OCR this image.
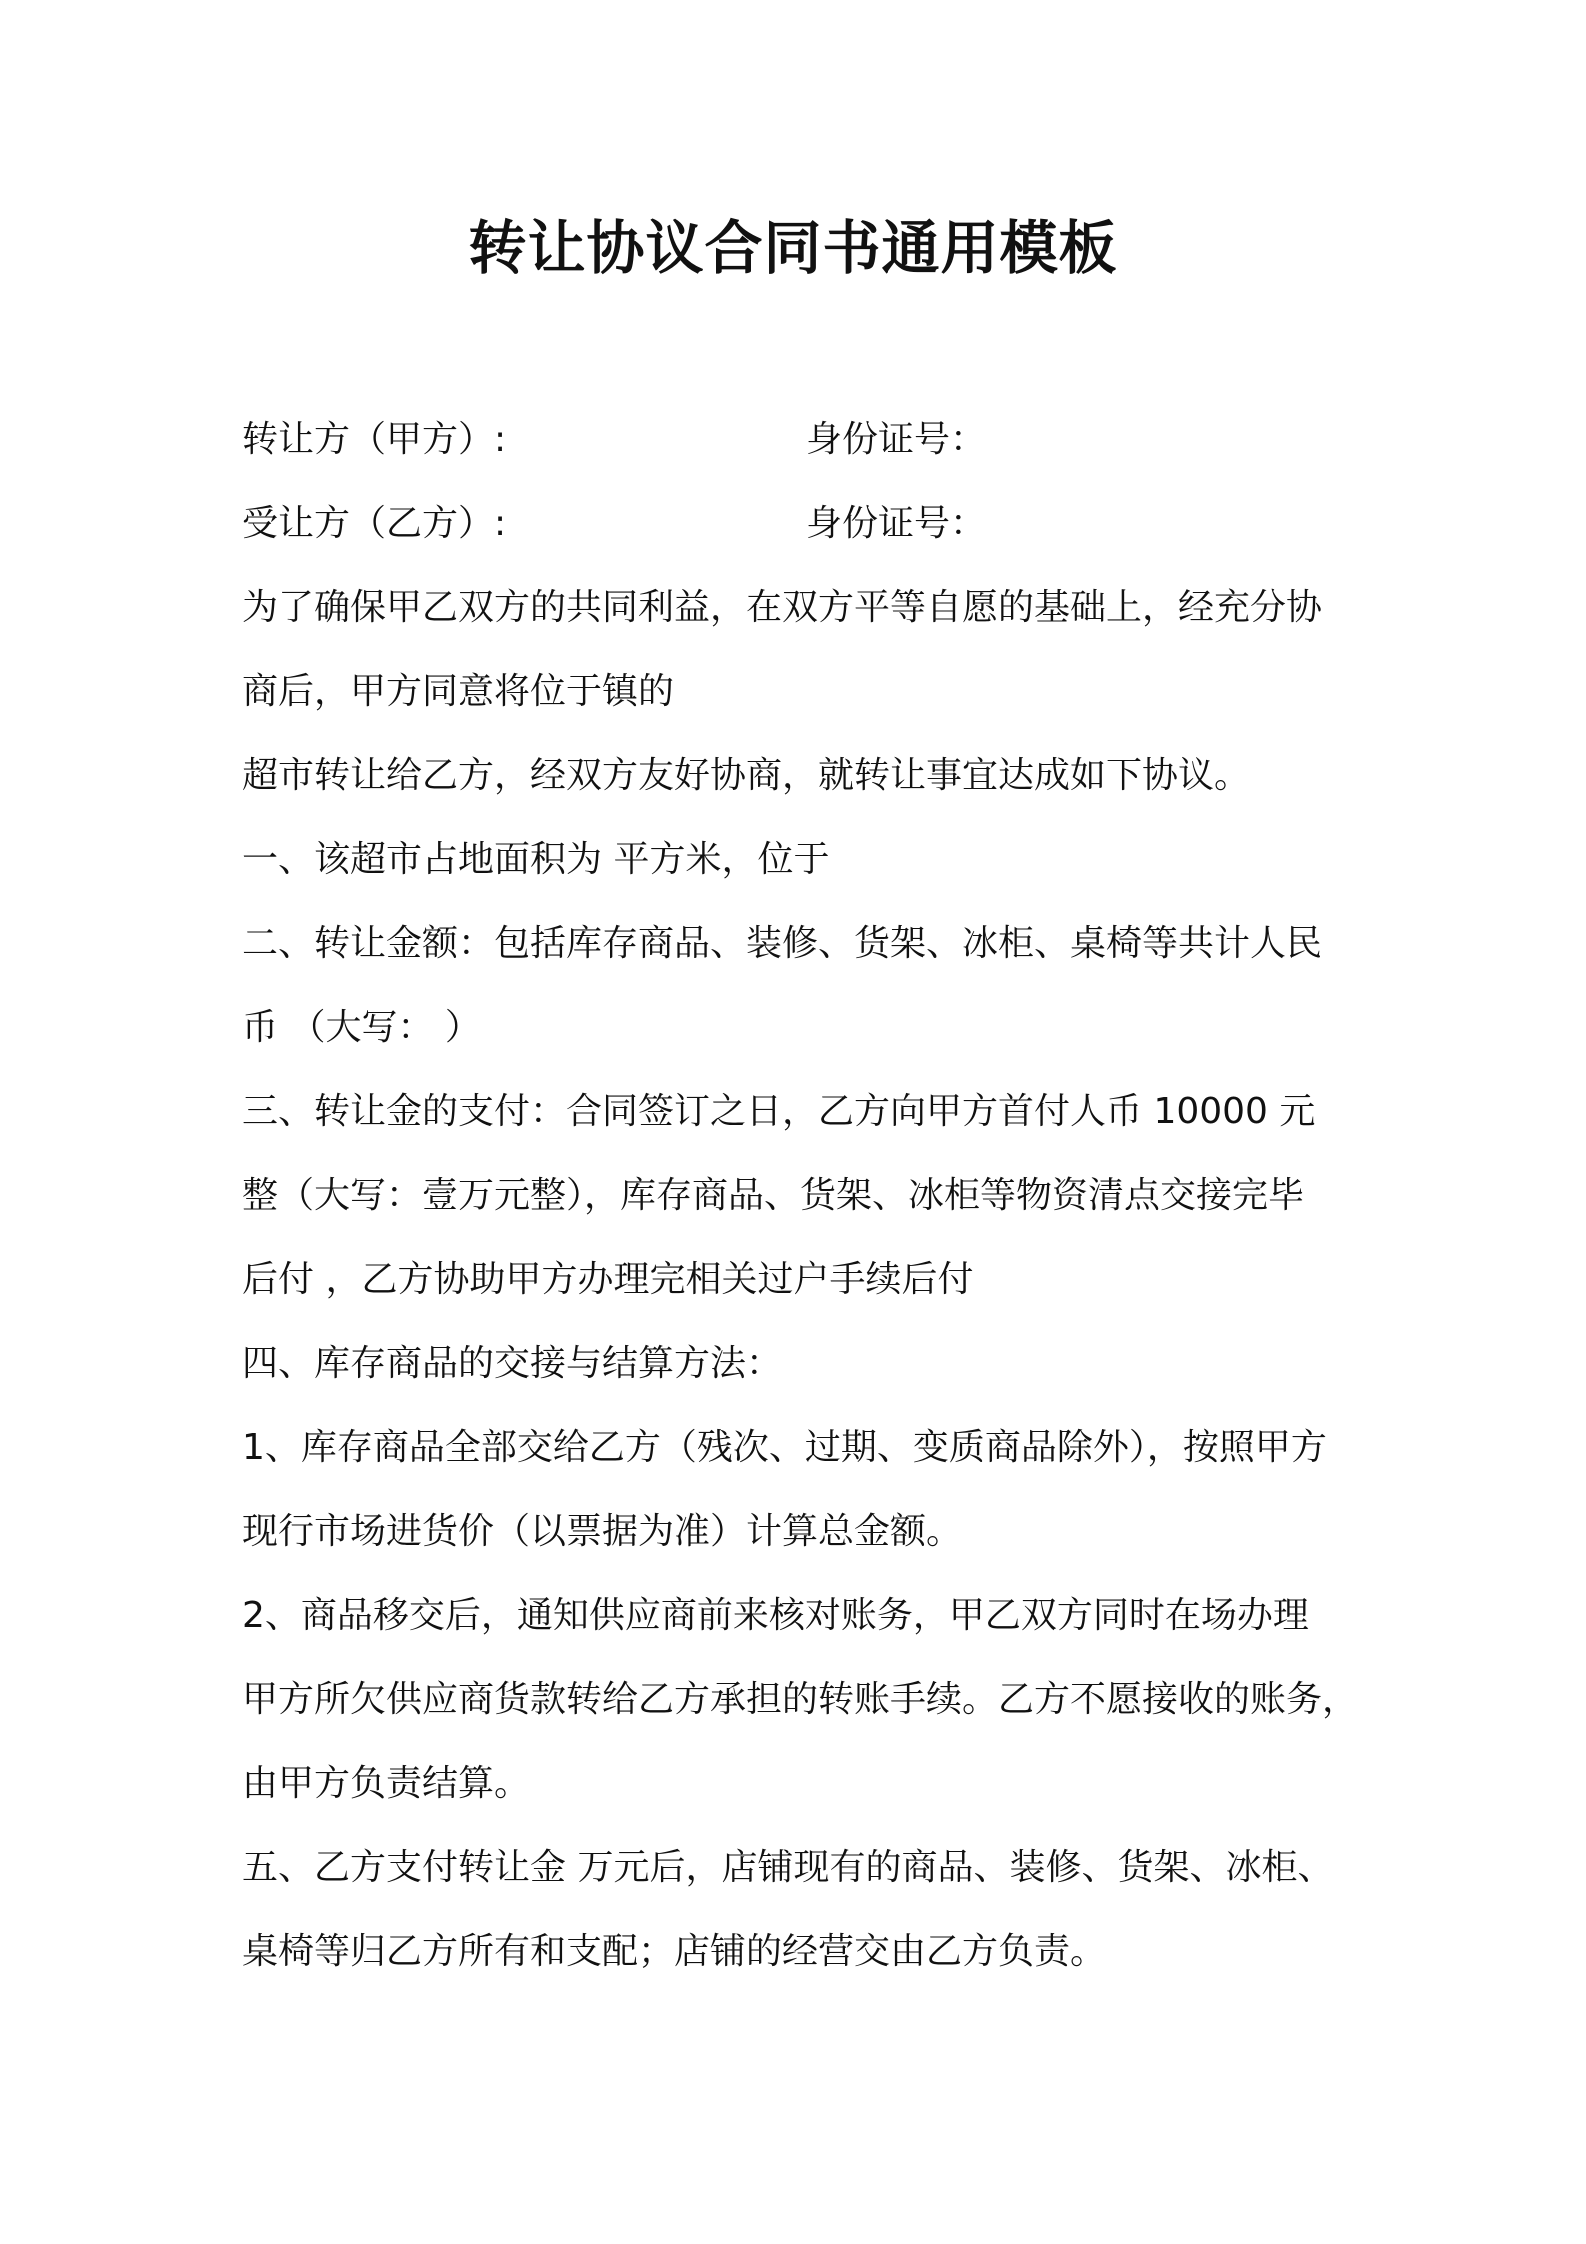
转让协议合同书通用模板
转让方（甲方）:	身份证号：
受让方（乙方）:	身份证号：
为了确保甲乙双方的共同利益，在双方平等自愿的基础上，经充分协
商后，甲方同意将位于镇的
超市转让给乙方，经双方友好协商，就转让事宜达成如下协议。
一、该超市占地面积为 平方米，位于
二、转让金额：包括库存商品、装修、货架、冰柜、桌椅等共计人民
币 （大写： ）
三、转让金的支付：合同签订之日，乙方向甲方首付人币 10000 元
整（大写：壹万元整），库存商品、货架、冰柜等物资清点交接完毕
后付 ，乙方协助甲方办理完相关过户手续后付
四、库存商品的交接与结算方法：
1、库存商品全部交给乙方（残次、过期、变质商品除外），按照甲方
现行市场进货价（以票据为准）计算总金额。
2、商品移交后，通知供应商前来核对账务，甲乙双方同时在场办理
甲方所欠供应商货款转给乙方承担的转账手续。乙方不愿接收的账务，
由甲方负责结算。
五、乙方支付转让金 万元后，店铺现有的商品、装修、货架、冰柜、
桌椅等归乙方所有和支配；店铺的经营交由乙方负责。
